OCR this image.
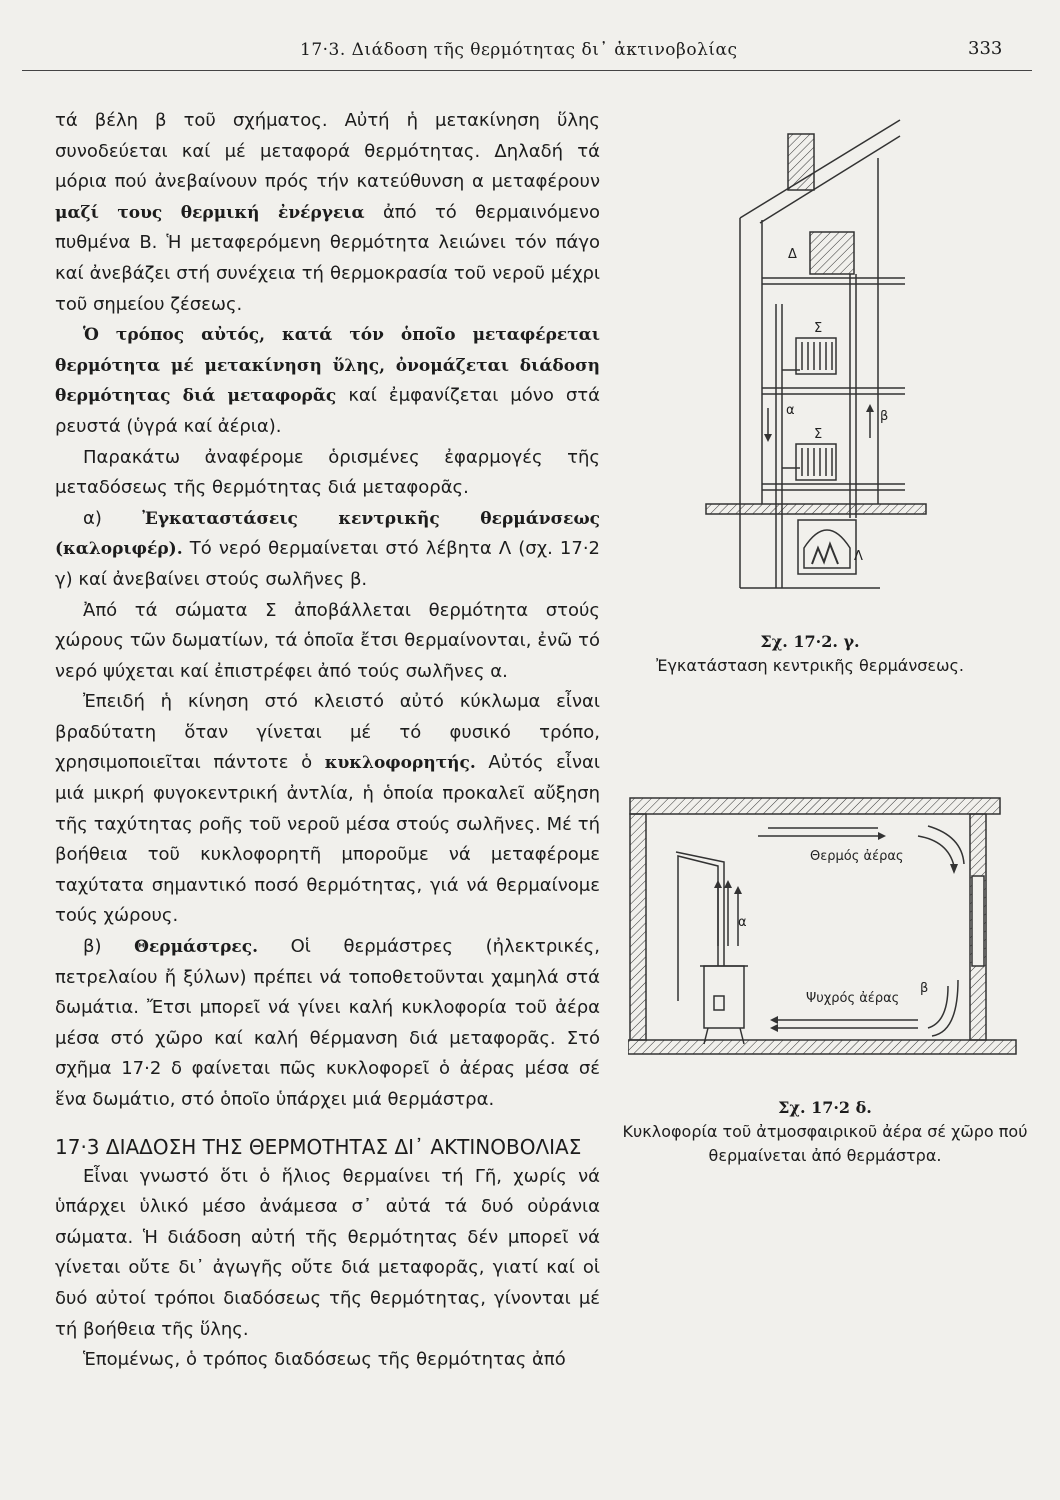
17·3. Διάδοση τῆς θερμότητας δι᾽ ἀκτινοβολίας	333

τά βέλη β τοῦ σχήματος. Αὐτή ἡ μετακίνηση ὕλης συνοδεύεται καί μέ μεταφορά θερμότητας. Δηλαδή τά μόρια πού ἀνεβαίνουν πρός τήν κατεύθυνση α μεταφέρουν μαζί τους θερμική ἐνέργεια ἀπό τό θερμαινόμενο πυθμένα Β. Ἡ μεταφερόμενη θερμότητα λειώνει τόν πάγο καί ἀνεβάζει στή συνέχεια τή θερμοκρασία τοῦ νεροῦ μέχρι τοῦ σημείου ζέσεως.

Ὁ τρόπος αὐτός, κατά τόν ὁποῖο μεταφέρεται θερμότητα μέ μετακίνηση ὕλης, ὀνομάζεται διάδοση θερμότητας διά μεταφορᾶς καί ἐμφανίζεται μόνο στά ρευστά (ὑγρά καί ἀέρια).

Παρακάτω ἀναφέρομε ὁρισμένες ἐφαρμογές τῆς μεταδόσεως τῆς θερμότητας διά μεταφορᾶς.

α) Ἐγκαταστάσεις κεντρικῆς θερμάνσεως (καλοριφέρ). Τό νερό θερμαίνεται στό λέβητα Λ (σχ. 17·2 γ) καί ἀνεβαίνει στούς σωλῆνες β.

Ἀπό τά σώματα Σ ἀποβάλλεται θερμότητα στούς χώρους τῶν δωματίων, τά ὁποῖα ἔτσι θερμαίνονται, ἐνῶ τό νερό ψύχεται καί ἐπιστρέφει ἀπό τούς σωλῆνες α.

Ἐπειδή ἡ κίνηση στό κλειστό αὐτό κύκλωμα εἶναι βραδύτατη ὅταν γίνεται μέ τό φυσικό τρόπο, χρησιμοποιεῖται πάντοτε ὁ κυκλοφορητής. Αὐτός εἶναι μιά μικρή φυγοκεντρική ἀντλία, ἡ ὁποία προκαλεῖ αὔξηση τῆς ταχύτητας ροῆς τοῦ νεροῦ μέσα στούς σωλῆνες. Μέ τή βοήθεια τοῦ κυκλοφορητῆ μποροῦμε νά μεταφέρομε ταχύτατα σημαντικό ποσό θερμότητας, γιά νά θερμαίνομε τούς χώρους.

β) Θερμάστρες. Οἱ θερμάστρες (ἠλεκτρικές, πετρελαίου ἤ ξύλων) πρέπει νά τοποθετοῦνται χαμηλά στά δωμάτια. Ἔτσι μπορεῖ νά γίνει καλή κυκλοφορία τοῦ ἀέρα μέσα στό χῶρο καί καλή θέρμανση διά μεταφορᾶς. Στό σχῆμα 17·2 δ φαίνεται πῶς κυκλοφορεῖ ὁ ἀέρας μέσα σέ ἕνα δωμάτιο, στό ὁποῖο ὑπάρχει μιά θερμάστρα.

17·3 ΔΙΑΔΟΣΗ ΤΗΣ ΘΕΡΜΟΤΗΤΑΣ ΔΙ᾽ ΑΚΤΙΝΟΒΟΛΙΑΣ

Εἶναι γνωστό ὅτι ὁ ἥλιος θερμαίνει τή Γῆ, χωρίς νά ὑπάρχει ὑλικό μέσο ἀνάμεσα σ᾽ αὐτά τά δυό οὐράνια σώματα. Ἡ διάδοση αὐτή τῆς θερμότητας δέν μπορεῖ νά γίνεται οὔτε δι᾽ ἀγωγῆς οὔτε διά μεταφορᾶς, γιατί καί οἱ δυό αὐτοί τρόποι διαδόσεως τῆς θερμότητας, γίνονται μέ τή βοήθεια τῆς ὕλης.

Ἑπομένως, ὁ τρόπος διαδόσεως τῆς θερμότητας ἀπό

Δ
Σ
Σ
α	β
Λ
Σχ. 17·2. γ.
Ἐγκατάσταση κεντρικῆς θερμάνσεως.
Θερμός ἀέρας
Ψυχρός ἀέρας
α
β
Σχ. 17·2 δ.
Κυκλοφορία τοῦ ἀτμοσφαιρικοῦ ἀέρα σέ χῶρο πού θερμαίνεται ἀπό θερμάστρα.
